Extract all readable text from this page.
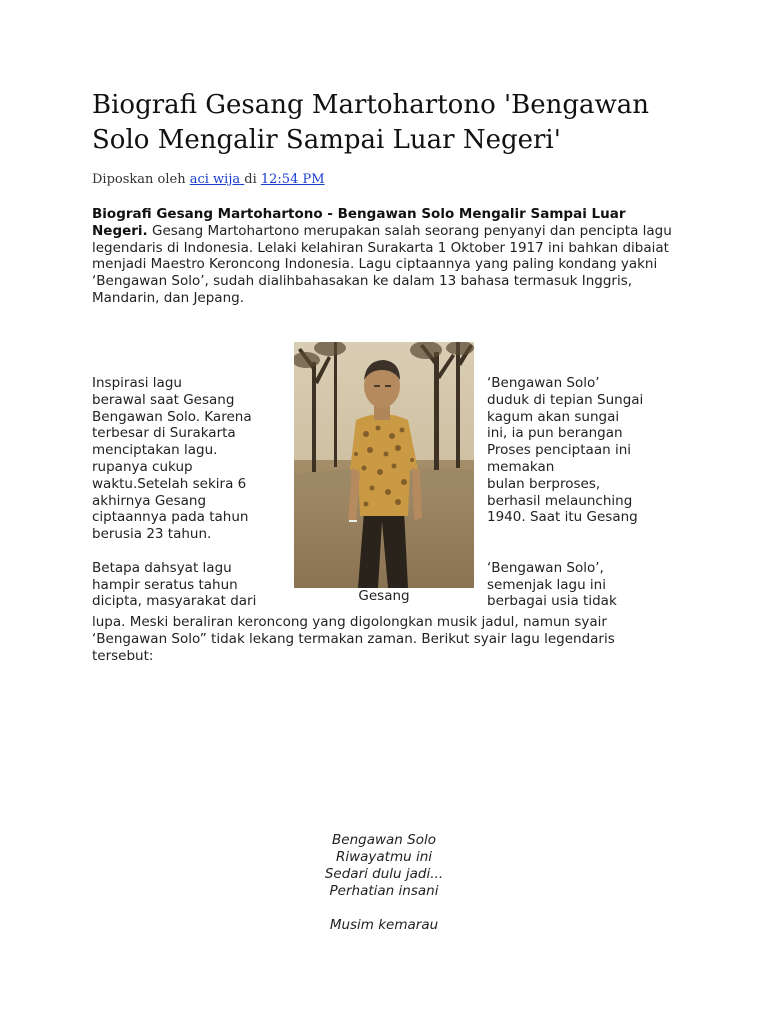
Biografi Gesang Martohartono 'Bengawan Solo Mengalir Sampai Luar Negeri'
Diposkan oleh aci wija di 12:54 PM
Biografi Gesang Martohartono - Bengawan Solo Mengalir Sampai Luar Negeri. Gesang Martohartono merupakan salah seorang penyanyi dan pencipta lagu legendaris di Indonesia. Lelaki kelahiran Surakarta 1 Oktober 1917 ini bahkan dibaiat menjadi Maestro Keroncong Indonesia. Lagu ciptaannya yang paling kondang yakni ‘Bengawan Solo’, sudah dialihbahasakan ke dalam 13 bahasa termasuk Inggris, Mandarin, dan Jepang.
Inspirasi lagu
berawal saat Gesang
Bengawan Solo. Karena
terbesar di Surakarta
menciptakan lagu.
rupanya cukup
waktu.Setelah sekira 6
akhirnya Gesang
ciptaannya pada tahun
berusia 23 tahun.
Betapa dahsyat lagu
hampir seratus tahun
dicipta, masyarakat dari
‘Bengawan Solo’
duduk di tepian Sungai
kagum akan sungai
ini, ia pun berangan
Proses penciptaan ini
memakan
bulan berproses,
berhasil melaunching
1940. Saat itu Gesang
‘Bengawan Solo’,
semenjak lagu ini
berbagai usia tidak
Gesang
lupa. Meski beraliran keroncong yang digolongkan musik jadul, namun syair ‘Bengawan Solo” tidak lekang termakan zaman. Berikut syair lagu legendaris tersebut:
Bengawan Solo
Riwayatmu ini
Sedari dulu jadi...
Perhatian insani
Musim kemarau
